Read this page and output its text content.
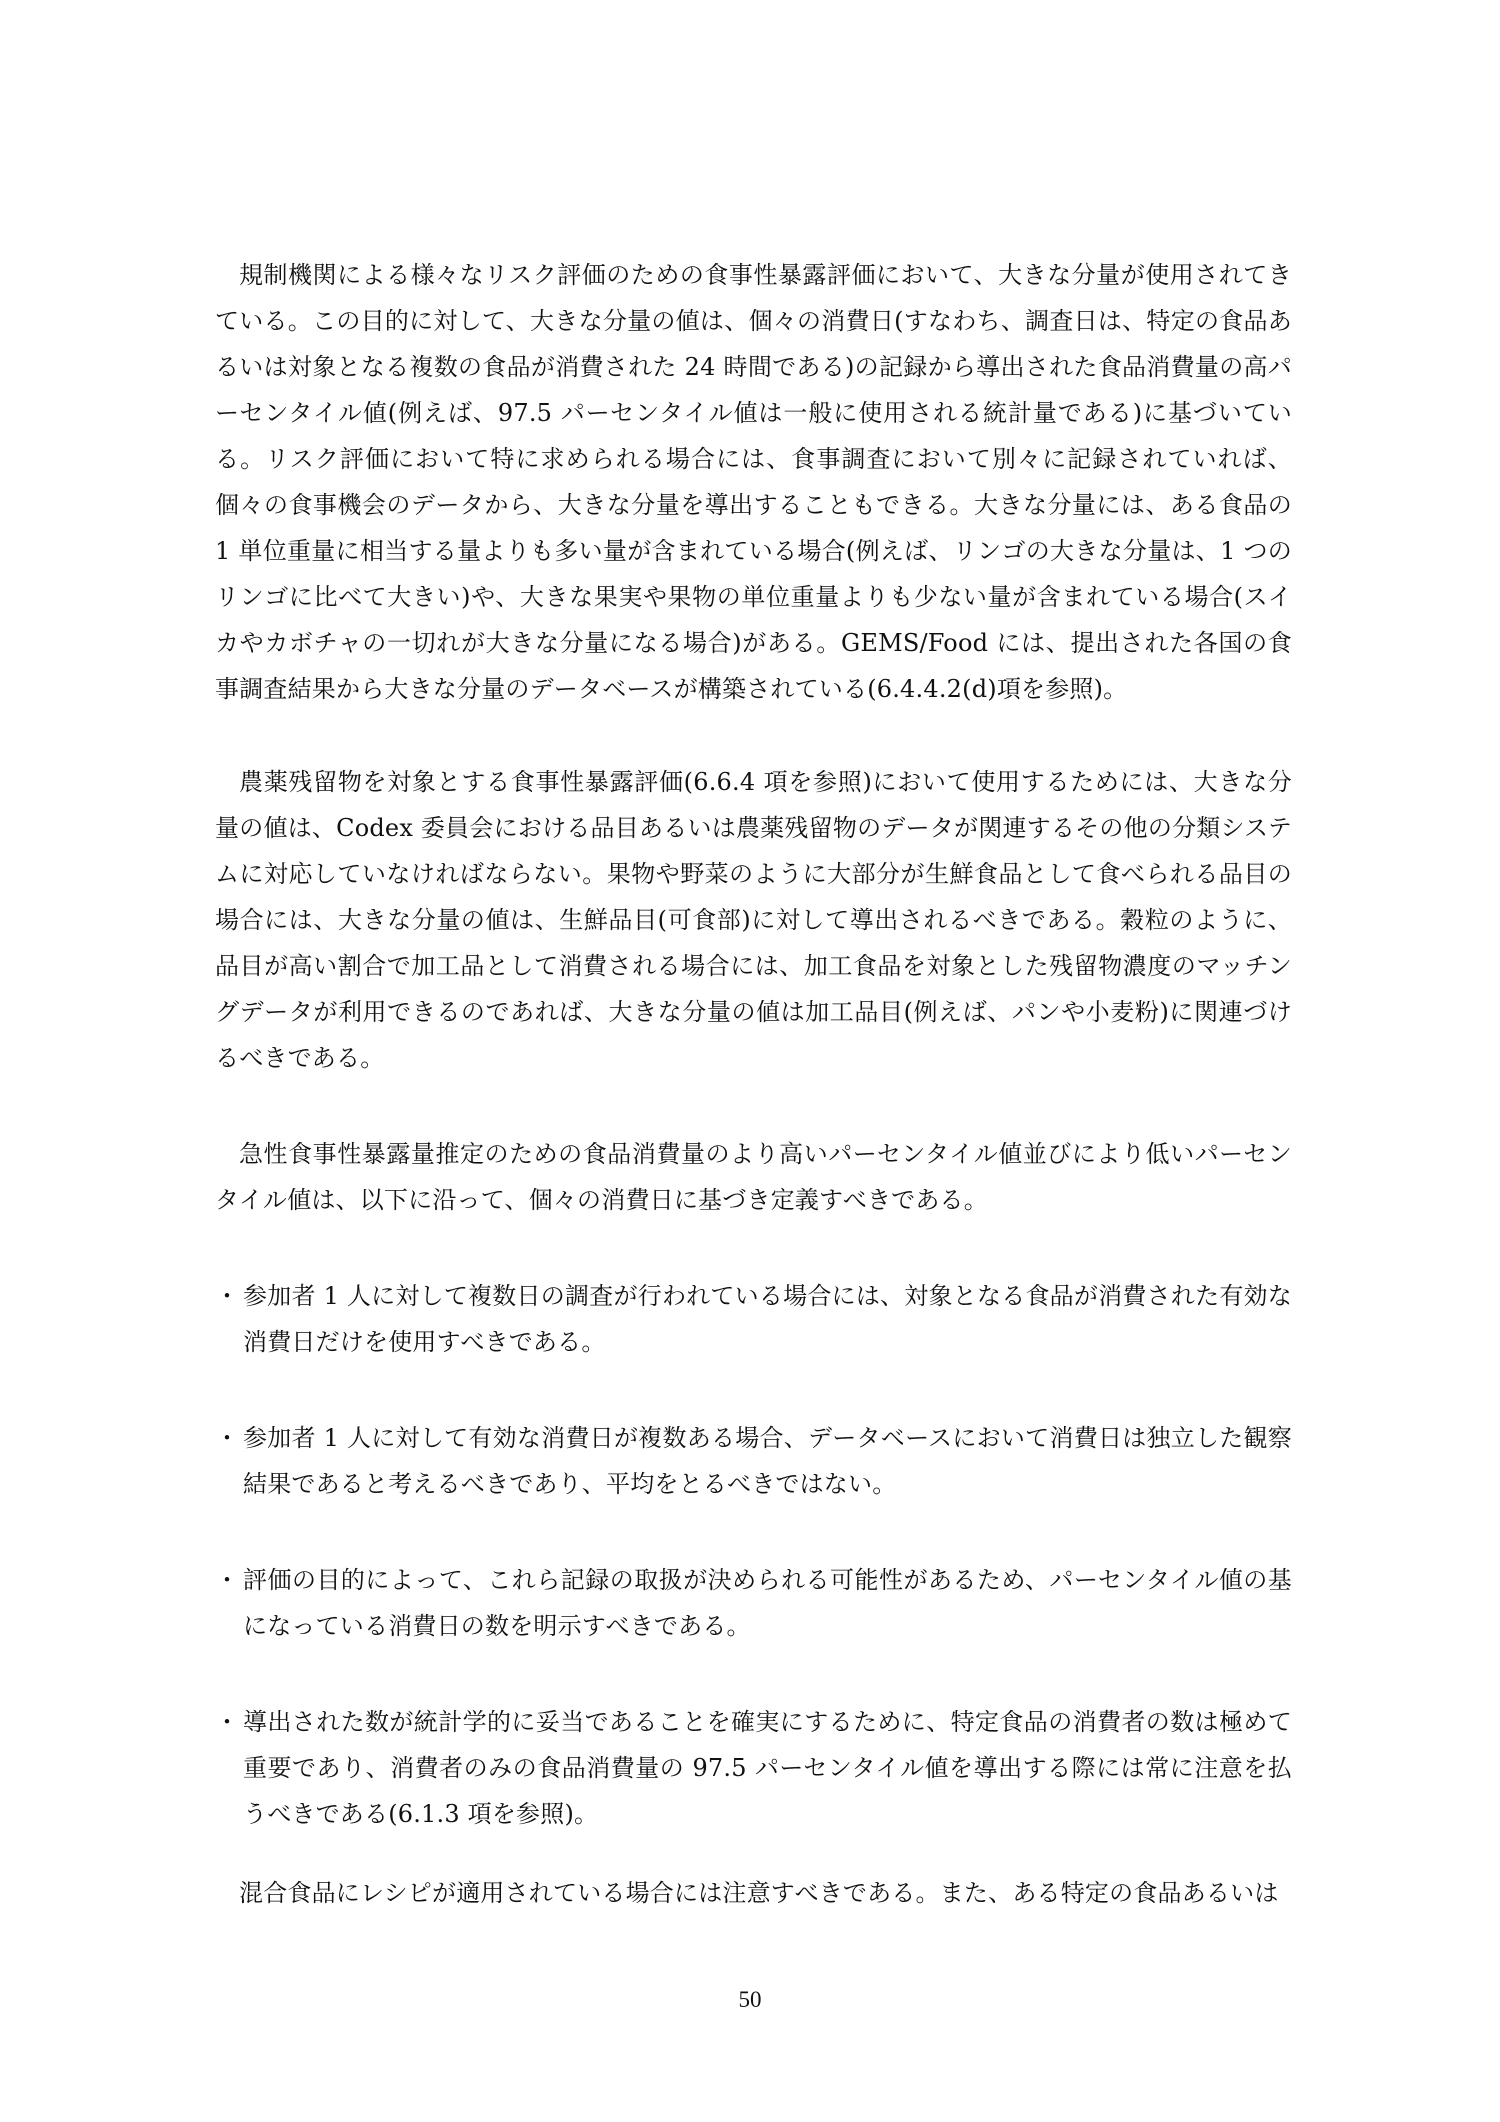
規制機関による様々なリスク評価のための食事性暴露評価において、大きな分量が使用されてきている。この目的に対して、大きな分量の値は、個々の消費日(すなわち、調査日は、特定の食品あるいは対象となる複数の食品が消費された 24 時間である)の記録から導出された食品消費量の高パーセンタイル値(例えば、97.5 パーセンタイル値は一般に使用される統計量である)に基づいている。リスク評価において特に求められる場合には、食事調査において別々に記録されていれば、個々の食事機会のデータから、大きな分量を導出することもできる。大きな分量には、ある食品の 1 単位重量に相当する量よりも多い量が含まれている場合(例えば、リンゴの大きな分量は、1 つのリンゴに比べて大きい)や、大きな果実や果物の単位重量よりも少ない量が含まれている場合(スイカやカボチャの一切れが大きな分量になる場合)がある。GEMS/Food には、提出された各国の食事調査結果から大きな分量のデータベースが構築されている(6.4.4.2(d)項を参照)。

農薬残留物を対象とする食事性暴露評価(6.6.4 項を参照)において使用するためには、大きな分量の値は、Codex 委員会における品目あるいは農薬残留物のデータが関連するその他の分類システムに対応していなければならない。果物や野菜のように大部分が生鮮食品として食べられる品目の場合には、大きな分量の値は、生鮮品目(可食部)に対して導出されるべきである。穀粒のように、品目が高い割合で加工品として消費される場合には、加工食品を対象とした残留物濃度のマッチングデータが利用できるのであれば、大きな分量の値は加工品目(例えば、パンや小麦粉)に関連づけるべきである。

急性食事性暴露量推定のための食品消費量のより高いパーセンタイル値並びにより低いパーセンタイル値は、以下に沿って、個々の消費日に基づき定義すべきである。

・ 参加者 1 人に対して複数日の調査が行われている場合には、対象となる食品が消費された有効な消費日だけを使用すべきである。
・ 参加者 1 人に対して有効な消費日が複数ある場合、データベースにおいて消費日は独立した観察結果であると考えるべきであり、平均をとるべきではない。
・ 評価の目的によって、これら記録の取扱が決められる可能性があるため、パーセンタイル値の基になっている消費日の数を明示すべきである。
・ 導出された数が統計学的に妥当であることを確実にするために、特定食品の消費者の数は極めて重要であり、消費者のみの食品消費量の 97.5 パーセンタイル値を導出する際には常に注意を払うべきである(6.1.3 項を参照)。

混合食品にレシピが適用されている場合には注意すべきである。また、ある特定の食品あるいは

50
